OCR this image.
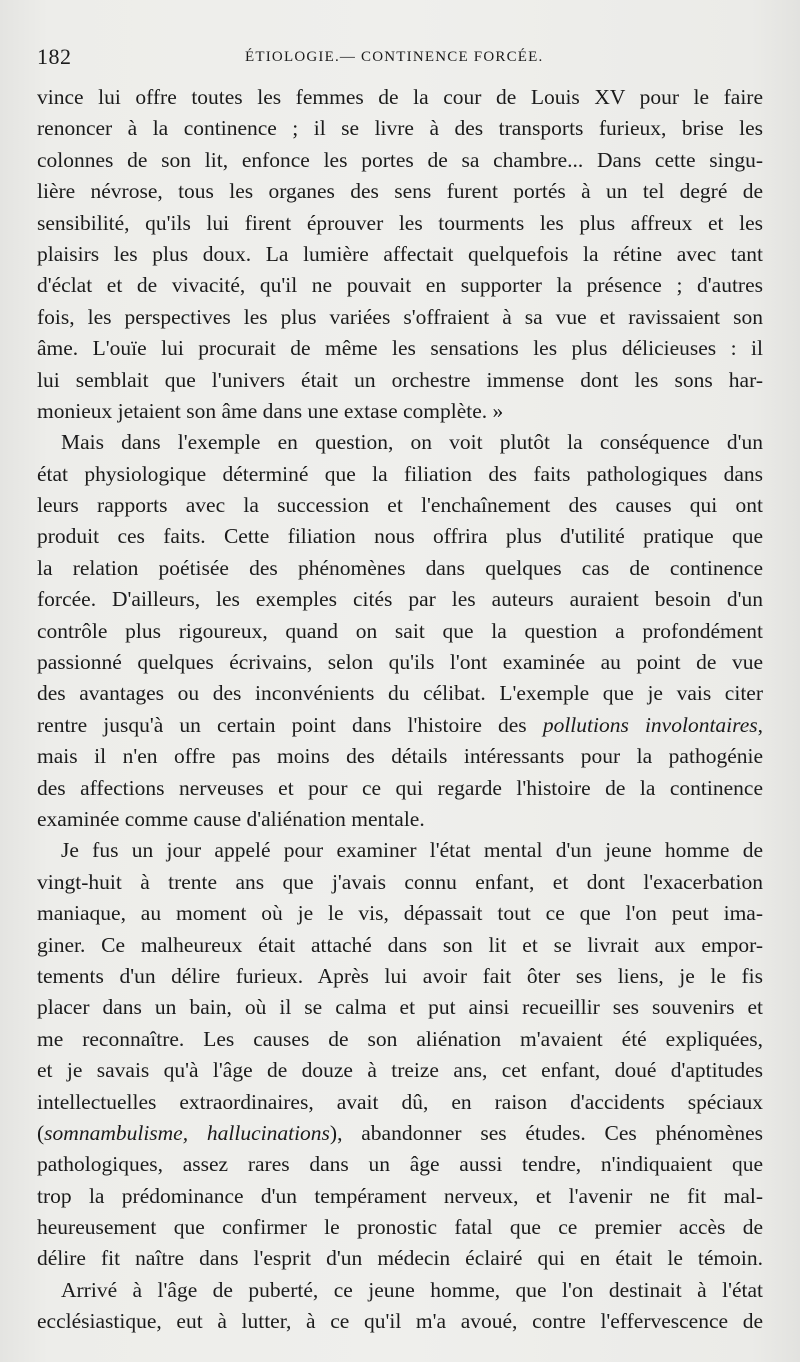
182	ÉTIOLOGIE.— CONTINENCE FORCÉE.
vince lui offre toutes les femmes de la cour de Louis XV pour le faire
renoncer à la continence ; il se livre à des transports furieux, brise les
colonnes de son lit, enfonce les portes de sa chambre... Dans cette singu-
lière névrose, tous les organes des sens furent portés à un tel degré de
sensibilité, qu'ils lui firent éprouver les tourments les plus affreux et les
plaisirs les plus doux. La lumière affectait quelquefois la rétine avec tant
d'éclat et de vivacité, qu'il ne pouvait en supporter la présence ; d'autres
fois, les perspectives les plus variées s'offraient à sa vue et ravissaient son
âme. L'ouïe lui procurait de même les sensations les plus délicieuses : il
lui semblait que l'univers était un orchestre immense dont les sons har-
monieux jetaient son âme dans une extase complète. »
Mais dans l'exemple en question, on voit plutôt la conséquence d'un
état physiologique déterminé que la filiation des faits pathologiques dans
leurs rapports avec la succession et l'enchaînement des causes qui ont
produit ces faits. Cette filiation nous offrira plus d'utilité pratique que
la relation poétisée des phénomènes dans quelques cas de continence
forcée. D'ailleurs, les exemples cités par les auteurs auraient besoin d'un
contrôle plus rigoureux, quand on sait que la question a profondément
passionné quelques écrivains, selon qu'ils l'ont examinée au point de vue
des avantages ou des inconvénients du célibat. L'exemple que je vais citer
rentre jusqu'à un certain point dans l'histoire des pollutions involontaires,
mais il n'en offre pas moins des détails intéressants pour la pathogénie
des affections nerveuses et pour ce qui regarde l'histoire de la continence
examinée comme cause d'aliénation mentale.
Je fus un jour appelé pour examiner l'état mental d'un jeune homme de
vingt-huit à trente ans que j'avais connu enfant, et dont l'exacerbation
maniaque, au moment où je le vis, dépassait tout ce que l'on peut ima-
giner. Ce malheureux était attaché dans son lit et se livrait aux empor-
tements d'un délire furieux. Après lui avoir fait ôter ses liens, je le fis
placer dans un bain, où il se calma et put ainsi recueillir ses souvenirs et
me reconnaître. Les causes de son aliénation m'avaient été expliquées,
et je savais qu'à l'âge de douze à treize ans, cet enfant, doué d'aptitudes
intellectuelles extraordinaires, avait dû, en raison d'accidents spéciaux
(somnambulisme, hallucinations), abandonner ses études. Ces phénomènes
pathologiques, assez rares dans un âge aussi tendre, n'indiquaient que
trop la prédominance d'un tempérament nerveux, et l'avenir ne fit mal-
heureusement que confirmer le pronostic fatal que ce premier accès de
délire fit naître dans l'esprit d'un médecin éclairé qui en était le témoin.
Arrivé à l'âge de puberté, ce jeune homme, que l'on destinait à l'état
ecclésiastique, eut à lutter, à ce qu'il m'a avoué, contre l'effervescence de
